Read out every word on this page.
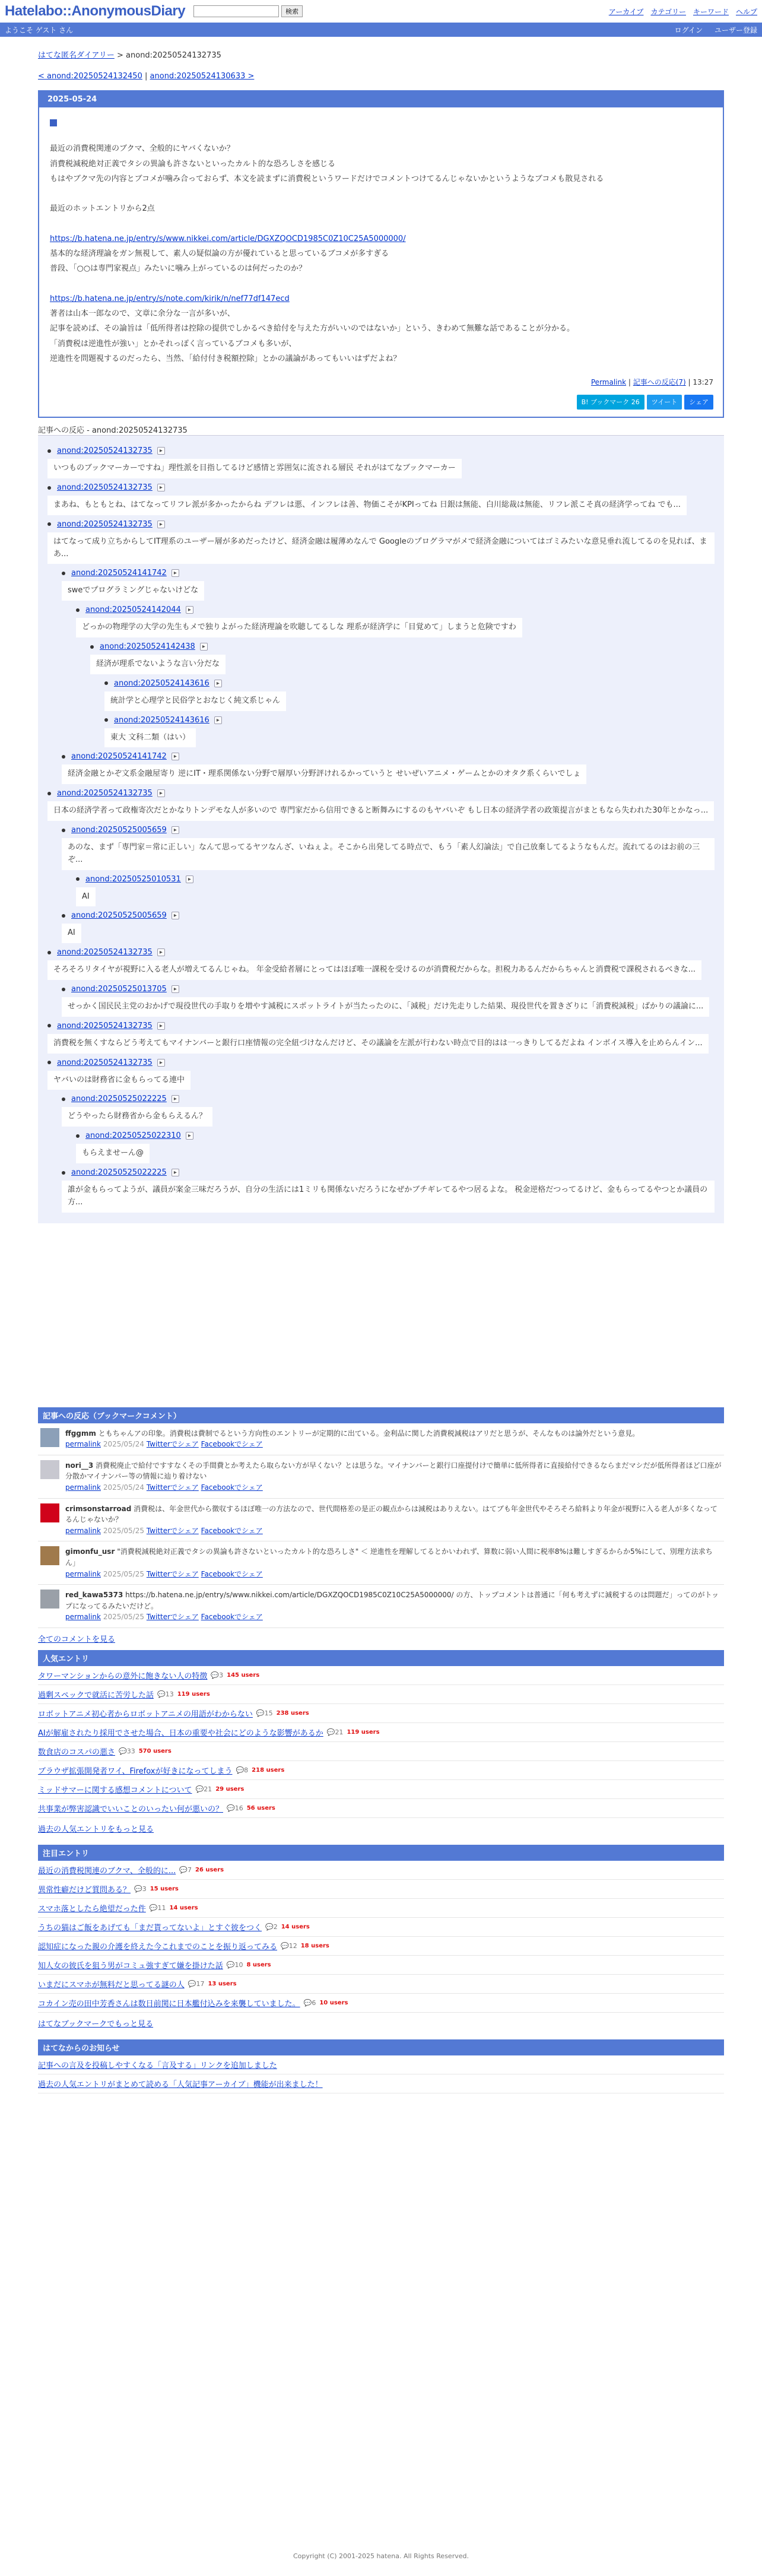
Hatelabo::AnonymousDiary	検索	アーカイブ カテゴリー キーワード ヘルプ
ようこそ ゲスト さん	ログイン ユーザー登録
はてな匿名ダイアリー > anond:20250524132735
< anond:20250524132450 | anond:20250524130633 >
2025-05-24

最近の消費税関連のブクマ、全般的にヤバくないか？

消費税減税絶対正義でタシの異論も許さないといったカルト的な恐ろしさを感じる

もはやブクマ先の内容とブコメが噛み合っておらず、本文を読まずに消費税というワードだけでコメントつけてるんじゃないかというようなブコメも散見される

最近のホットエントリから2点

https://b.hatena.ne.jp/entry/s/www.nikkei.com/article/DGXZQOCD1985C0Z10C25A5000000/

基本的な経済理論をガン無視して、素人の疑似論の方が優れていると思っているブコメが多すぎる

普段、「○○は専門家視点」みたいに噛み上がっているのは何だったのか？

https://b.hatena.ne.jp/entry/s/note.com/kirik/n/nef77df147ecd

著者は山本一郎なので、文章に余分な一言が多いが、

記事を読めば、その論旨は「低所得者は控除の提供でしかるべき給付を与えた方がいいのではないか」という、きわめて無難な話であることが分かる。

「消費税は逆進性が強い」とかそれっぽく言っているブコメも多いが、

逆進性を問題視するのだったら、当然、「給付付き税額控除」とかの議論があってもいいはずだよね？

Permalink | 記事への反応(7) | 13:27
B! ブックマーク 26	ツイート	シェア
記事への反応 - anond:20250524132735
anond:20250524132735	▸
いつものブックマーカーですね」理性派を目指してるけど感情と雰囲気に流される層民 それがはてなブックマーカー
anond:20250524132735	▸
まあね、もともとね、はてなってリフレ派が多かったからね デフレは悪、インフレは善、物価こそがKPIってね 日銀は無能、白川総裁は無能、リフレ派こそ真の経済学ってね でも...
anond:20250524132735	▸
はてなって成り立ちからしてIT理系のユーザー層が多めだったけど、経済金融は履薄めなんで Googleのプログラマがメで経済金融についてはゴミみたいな意見垂れ流してるのを見れば、まあ...
anond:20250524141742	▸
sweでプログラミングじゃないけどな
anond:20250524142044	▸
どっかの物理学の大学の先生もメで独りよがった経済理論を吹聴してるしな 理系が経済学に「目覚めて」しまうと危険ですわ
anond:20250524142438	▸
経済が理系でないような言い分だな
anond:20250524143616	▸
統計学と心理学と民俗学とおなじく純文系じゃん
anond:20250524143616	▸
東大 文科二類（はい）
anond:20250524141742	▸
経済金融とかぞ文系金融屋寄り 逆にIT・理系関係ない分野で層厚い分野評けれるかっていうと せいぜいアニメ・ゲームとかのオタク系くらいでしょ
anond:20250524132735	▸
日本の経済学者って政権寄次だとかなりトンデモな人が多いので 専門家だから信用できると断舞みにするのもヤバいぞ もし日本の経済学者の政策提言がまともなら失われた30年とかなっ...
anond:20250525005659	▸
あのな、まず「専門家＝常に正しい」なんて思ってるヤツなんざ、いねぇよ。そこから出発してる時点で、もう「素人幻論法」で自己放棄してるようなもんだ。流れてるのはお前の三ぞ...
anond:20250525010531	▸
AI
anond:20250525005659	▸
AI
anond:20250524132735	▸
そろそろリタイヤが視野に入る老人が増えてるんじゃね。 年金受給者層にとってはほぼ唯一課税を受けるのが消費税だからな。担税力あるんだからちゃんと消費税で課税されるべきな...
anond:20250525013705	▸
せっかく国民民主党のおかげで現役世代の手取りを増やす減税にスポットライトが当たったのに、「減税」だけ先走りした結果、現役世代を置きざりに「消費税減税」ばかりの議論に...
anond:20250524132735	▸
消費税を無くすならどう考えてもマイナンバーと銀行口座情報の完全紐づけなんだけど、その議論を左派が行わない時点で目的はは一っきりしてるだよね インボイス導入を止めらんイン...
anond:20250524132735	▸
ヤバいのは財務省に金もらってる連中
anond:20250525022225	▸
どうやったら財務省から金もらえるん？
anond:20250525022310	▸
もらえませーん@
anond:20250525022225	▸
誰が金もらってようが、議員が案金三味だろうが、自分の生活には1ミリも関係ないだろうになぜかブチギレてるやつ居るよな。 税金逆格だつってるけど、金もらってるやつとか議員の方...
記事への反応（ブックマークコメント）
ffggmm ともちゃんアの印象。消費税は費制でるという方向性のエントリーが定期的に出ている。金利品に関した消費税減税はアリだと思うが、そんなものは論外だという意見。
permalink 2025/05/24 Twitterでシェア Facebookでシェア
nori__3 消費税廃止で給付ですすなくその手間費とか考えたら取らない方が早くない？とは思うな。マイナンバーと銀行口座提付けで簡単に低所得者に直接給付できるならまだマシだが低所得者ほど口座が分散かマイナンバー等の情報に辿り着けない
permalink 2025/05/24 Twitterでシェア Facebookでシェア
crimsonstarroad 消費税は、年金世代から徴収するほぼ唯一の方法なので、世代間格差の是正の観点からは減税はありえない。はてブも年金世代やそろそろ給料より年金が視野に入る老人が多くなってるんじゃないか？
permalink 2025/05/25 Twitterでシェア Facebookでシェア
gimonfu_usr "消費税減税絶対正義でタシの異論も許さないといったカルト的な恐ろしさ" ＜ 逆進性を理解してるとかいわれず、算数に弱い人間に税率8%は難しすぎるからか5%にして、別理方法求ちん」
permalink 2025/05/25 Twitterでシェア Facebookでシェア
red_kawa5373 https://b.hatena.ne.jp/entry/s/www.nikkei.com/article/DGXZQOCD1985C0Z10C25A5000000/ の方、トップコメントは普通に「何も考えずに減税するのは問題だ」ってのがトップになってるみたいだけど。
permalink 2025/05/25 Twitterでシェア Facebookでシェア
全てのコメントを見る
人気エントリ
タワーマンションからの意外に飽きない人の特徴 💬3 145 users
過剰スペックで就活に苦労した話 💬13 119 users
ロボットアニメ初心者からロボットアニメの用語がわからない 💬15 238 users
AIが解雇されたり採用でさせた場合、日本の重要や社会にどのような影響があるか 💬21 119 users
数食店のコスパの悪さ 💬33 570 users
ブラウザ拡張開発者ワイ、Firefoxが好きになってしまう 💬8 218 users
ミッドサマーに関する感想コメントについて 💬21 29 users
共事業が弊害認識でいいことのいったい何が悪いの？ 💬16 56 users
過去の人気エントリをもっと見る
注目エントリ
最近の消費税関連のブクマ、全般的に... 💬7 26 users
異常性癖だけど質問ある？ 💬3 15 users
スマホ落としたら絶望だった件 💬11 14 users
うちの猫はご飯をあげても「まだ貰ってないよ」とすぐ彼をつく 💬2 14 users
認知症になった親の介護を終えた今これまでのことを振り返ってみる 💬12 18 users
知人女の彼氏を狙う男がコミュ強すぎて嫌を掛けた話 💬10 8 users
いまだにスマホが無料だと思ってる謎の人 💬17 13 users
コカイン売の田中芳香さんは数日前関に日本艦付込みを来襲していました。 💬6 10 users
はてなブックマークでもっと見る
はてなからのお知らせ
記事への言及を投稿しやすくなる「言及する」リンクを追加しました
過去の人気エントリがまとめて読める「人気記事アーカイブ」機能が出来ました！
Copyright (C) 2001-2025 hatena. All Rights Reserved.
